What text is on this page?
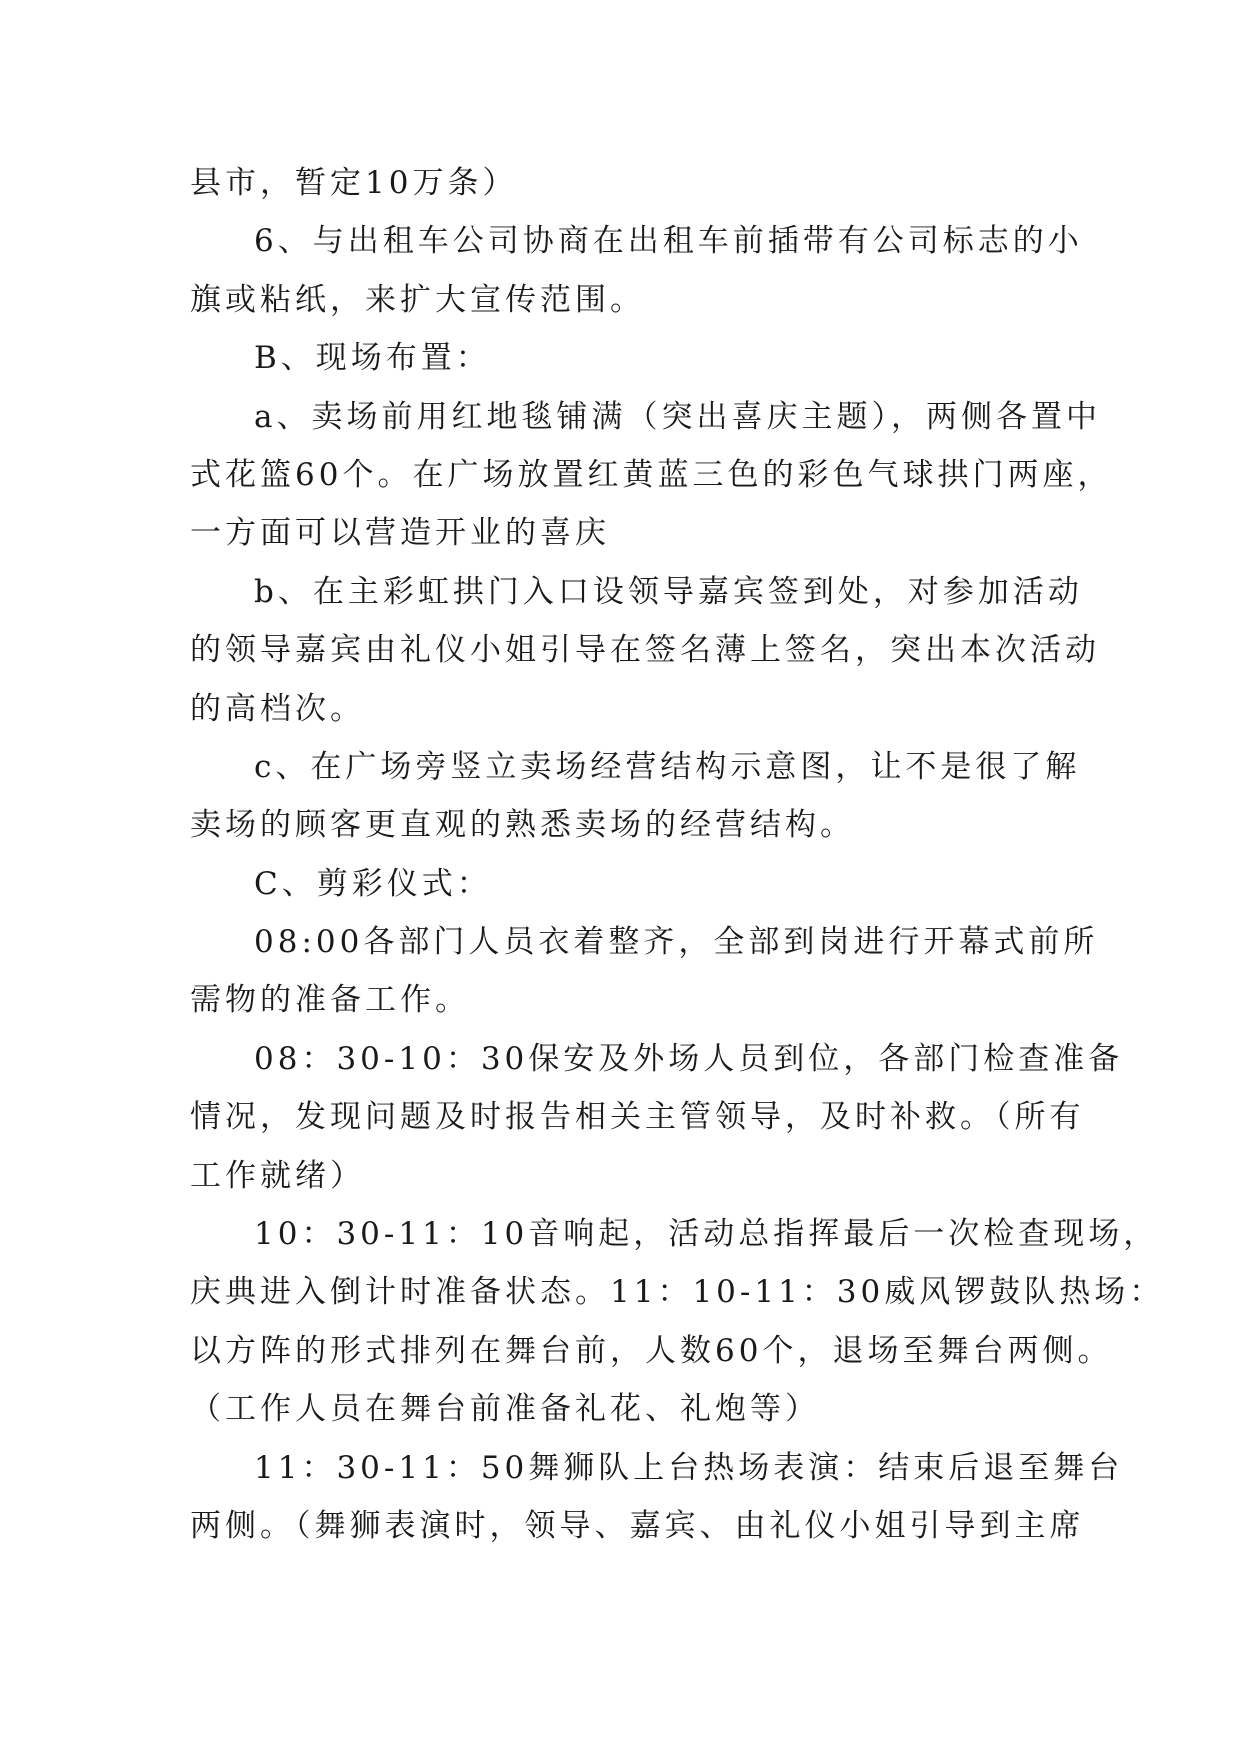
县市，暂定10万条）

6、与出租车公司协商在出租车前插带有公司标志的小
旗或粘纸，来扩大宣传范围。

B、现场布置：

a、卖场前用红地毯铺满（突出喜庆主题），两侧各置中
式花篮60个。在广场放置红黄蓝三色的彩色气球拱门两座，
一方面可以营造开业的喜庆

b、在主彩虹拱门入口设领导嘉宾签到处，对参加活动
的领导嘉宾由礼仪小姐引导在签名薄上签名，突出本次活动
的高档次。

c、在广场旁竖立卖场经营结构示意图，让不是很了解
卖场的顾客更直观的熟悉卖场的经营结构。

C、剪彩仪式：

08:00各部门人员衣着整齐，全部到岗进行开幕式前所
需物的准备工作。

08：30-10：30保安及外场人员到位，各部门检查准备
情况，发现问题及时报告相关主管领导，及时补救。（所有
工作就绪）

10：30-11：10音响起，活动总指挥最后一次检查现场，
庆典进入倒计时准备状态。11：10-11：30威风锣鼓队热场：
以方阵的形式排列在舞台前，人数60个，退场至舞台两侧。
（工作人员在舞台前准备礼花、礼炮等）

11：30-11：50舞狮队上台热场表演：结束后退至舞台
两侧。（舞狮表演时，领导、嘉宾、由礼仪小姐引导到主席
